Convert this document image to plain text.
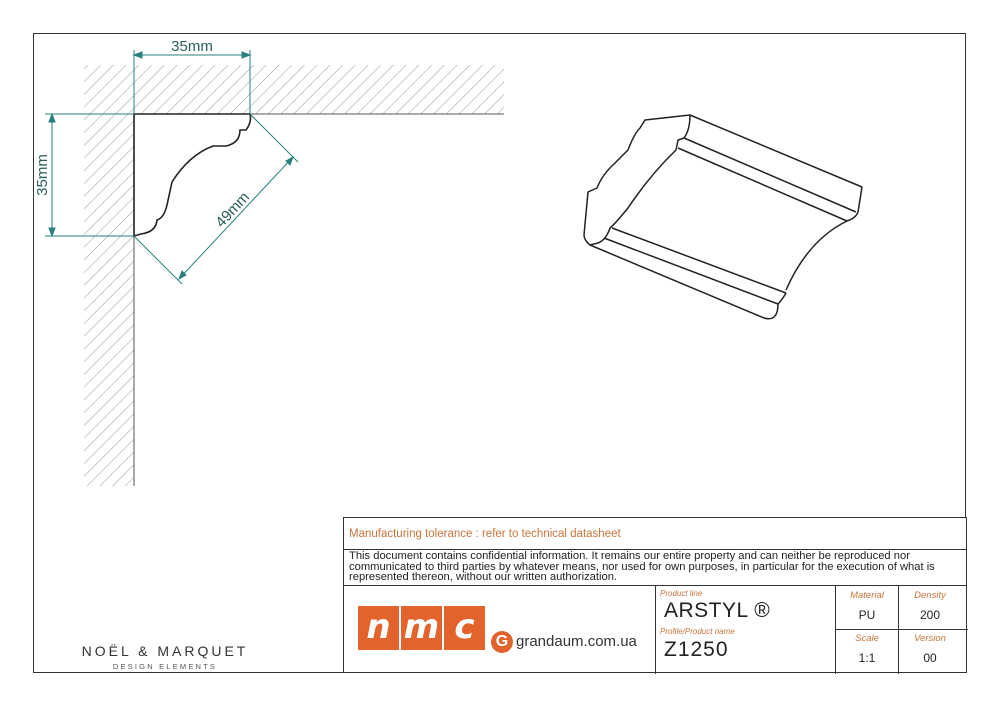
35mm
35mm
49mm
NOËL & MARQUET
DESIGN ELEMENTS
Manufacturing tolerance : refer to technical datasheet
This document contains confidential information. It remains our entire property and can neither be reproduced nor communicated to third parties by whatever means, nor used for own purposes, in particular for the execution of what is represented thereon, without our written authorization.
n m c	G grandaum.com.ua
Product line
ARSTYL ®
Profile/Product name
Z1250
Material
PU
Density
200
Scale
1:1
Version
00
